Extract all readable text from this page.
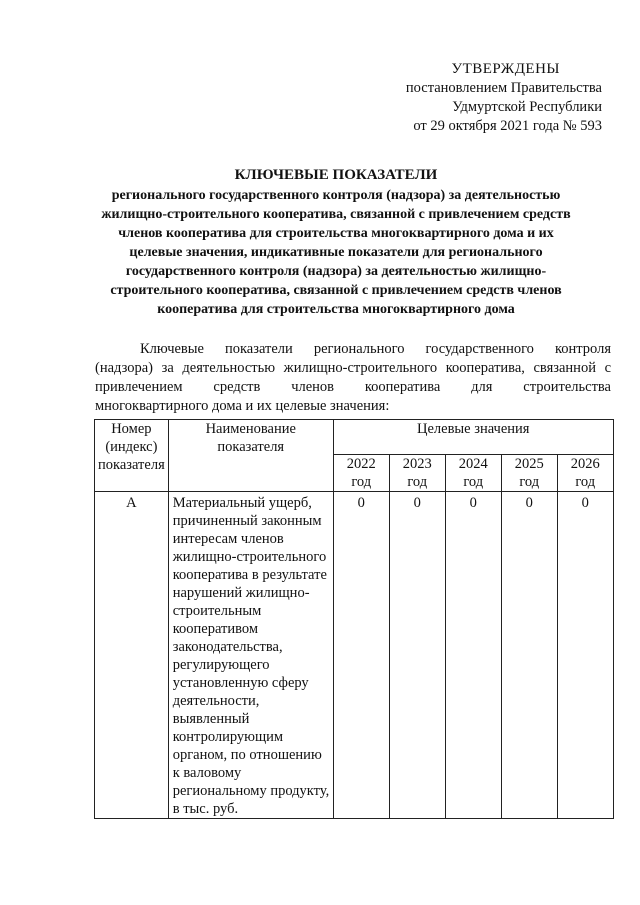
УТВЕРЖДЕНЫ
постановлением Правительства
Удмуртской Республики
от 29 октября 2021 года № 593
КЛЮЧЕВЫЕ ПОКАЗАТЕЛИ
регионального государственного контроля (надзора) за деятельностью
жилищно-строительного кооператива, связанной с привлечением средств
членов кооператива для строительства многоквартирного дома и их
целевые значения, индикативные показатели для регионального
государственного контроля (надзора) за деятельностью жилищно-
строительного кооператива, связанной с привлечением средств членов
кооператива для строительства многоквартирного дома
Ключевые показатели регионального государственного контроля
(надзора) за деятельностью жилищно-строительного кооператива, связанной с
привлечением средств членов кооператива для строительства
многоквартирного дома и их целевые значения:
Номер (индекс) показателя	Наименование показателя	Целевые значения				
		2022 год	2023 год	2024 год	2025 год	2026 год
А	Материальный ущерб, причиненный законным интересам членов жилищно-строительного кооператива в результате нарушений жилищно-строительным кооперативом законодательства, регулирующего установленную сферу деятельности, выявленный контролирующим органом, по отношению к валовому региональному продукту, в тыс. руб.	0	0	0	0	0
